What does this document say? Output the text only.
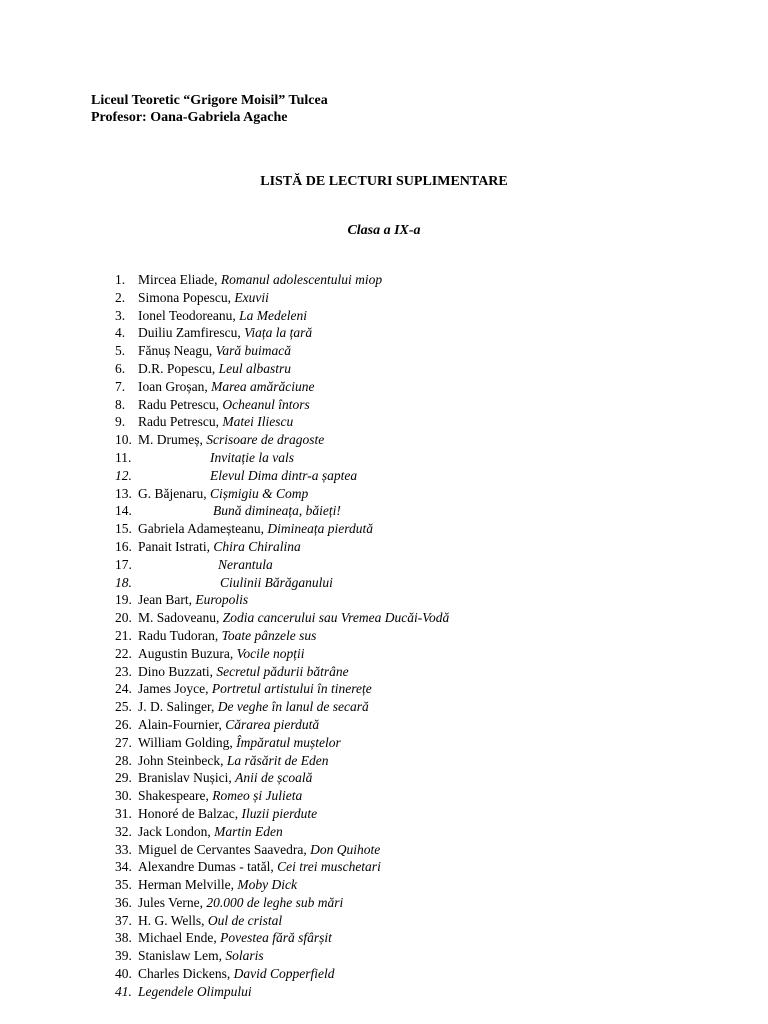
Liceul Teoretic “Grigore Moisil” Tulcea
Profesor: Oana-Gabriela Agache
LISTĂ DE LECTURI SUPLIMENTARE
Clasa a IX-a
1. Mircea Eliade, Romanul adolescentului miop
2. Simona Popescu, Exuvii
3. Ionel Teodoreanu, La Medeleni
4. Duiliu Zamfirescu, Viața la țară
5. Fănuș Neagu, Vară buimacă
6. D.R. Popescu, Leul albastru
7. Ioan Groșan, Marea amărăciune
8. Radu Petrescu, Ocheanul întors
9. Radu Petrescu, Matei Iliescu
10. M. Drumeș, Scrisoare de dragoste
11.	Invitație la vals
12.	Elevul Dima dintr-a șaptea
13. G. Băjenaru, Cișmigiu & Comp
14.	Bună dimineața, băieți!
15. Gabriela Adameșteanu, Dimineața pierdută
16. Panait Istrati, Chira Chiralina
17.	Nerantula
18.	Ciulinii Bărăganului
19. Jean Bart, Europolis
20. M. Sadoveanu, Zodia cancerului sau Vremea Ducăi-Vodă
21. Radu Tudoran, Toate pânzele sus
22. Augustin Buzura, Vocile nopții
23. Dino Buzzati, Secretul pădurii bătrâne
24. James Joyce, Portretul artistului în tinerețe
25. J. D. Salinger, De veghe în lanul de secară
26. Alain-Fournier, Cărarea pierdută
27. William Golding, Împăratul muștelor
28. John Steinbeck, La răsărit de Eden
29. Branislav Nușici, Anii de școală
30. Shakespeare, Romeo și Julieta
31. Honoré de Balzac, Iluzii pierdute
32. Jack London, Martin Eden
33. Miguel de Cervantes Saavedra, Don Quihote
34. Alexandre Dumas - tatăl, Cei trei muschetari
35. Herman Melville, Moby Dick
36. Jules Verne, 20.000 de leghe sub mări
37. H. G. Wells, Oul de cristal
38. Michael Ende, Povestea fără sfârșit
39. Stanislaw Lem, Solaris
40. Charles Dickens, David Copperfield
41. Legendele Olimpului
